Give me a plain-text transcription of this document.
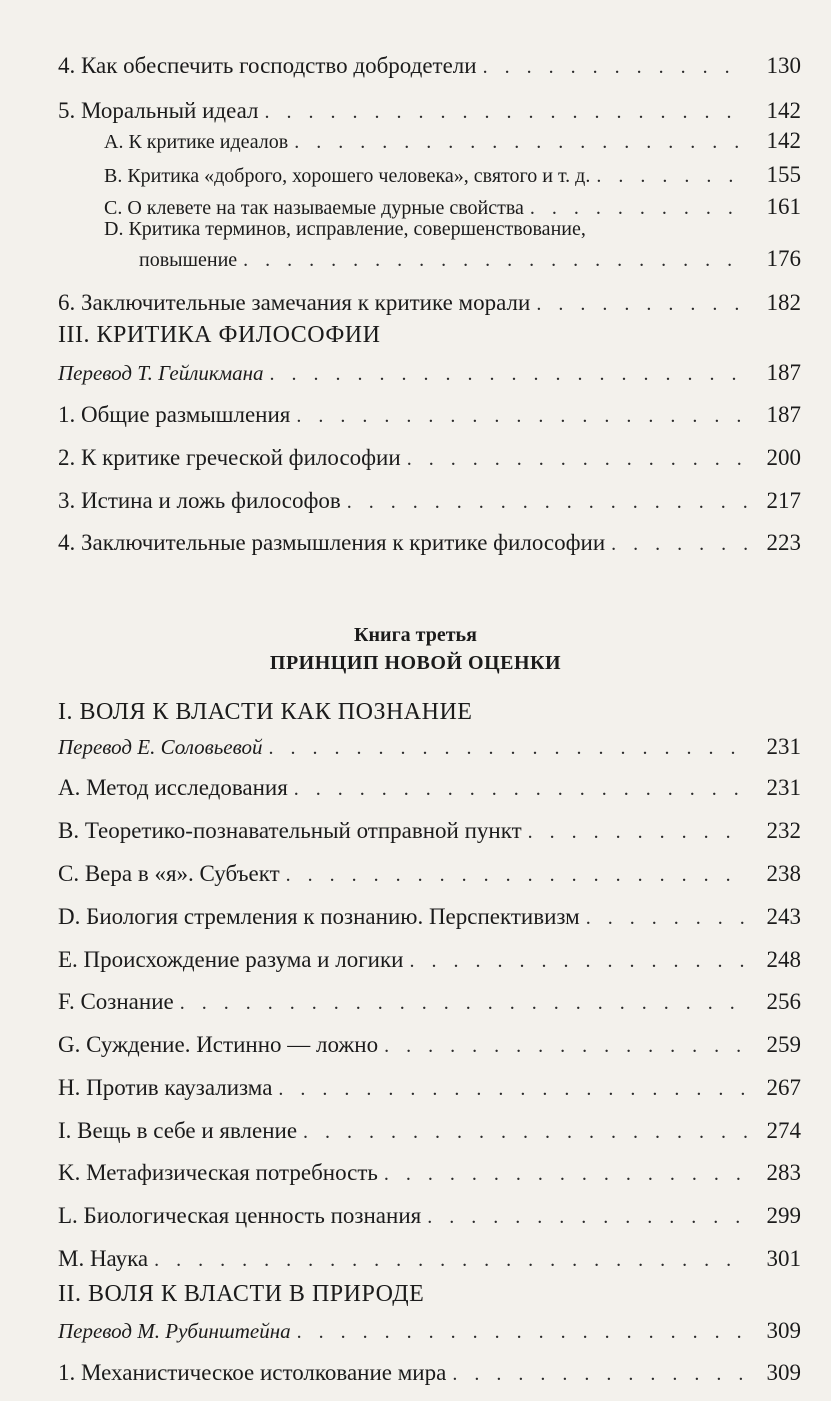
4. Как обеспечить господство добродетели . . .	130
5. Моральный идеал . . .	142
A. К критике идеалов . . .	142
B. Критика «доброго, хорошего человека», святого и т. д. . . .	155
C. О клевете на так называемые дурные свойства . . .	161
D. Критика терминов, исправление, совершенствование,
повышение . . .	176
6. Заключительные замечания к критике морали . . .	182
III. КРИТИКА ФИЛОСОФИИ
Перевод Т. Гейликмана . . .	187
1. Общие размышления . . .	187
2. К критике греческой философии . . .	200
3. Истина и ложь философов . . .	217
4. Заключительные размышления к критике философии . . .	223
Книга третья
ПРИНЦИП НОВОЙ ОЦЕНКИ
I. ВОЛЯ К ВЛАСТИ КАК ПОЗНАНИЕ
Перевод Е. Соловьевой . . .	231
A. Метод исследования . . .	231
B. Теоретико-познавательный отправной пункт . . .	232
C. Вера в «я». Субъект . . .	238
D. Биология стремления к познанию. Перспективизм . . .	243
E. Происхождение разума и логики . . .	248
F. Сознание . . .	256
G. Суждение. Истинно — ложно . . .	259
H. Против каузализма . . .	267
I. Вещь в себе и явление . . .	274
K. Метафизическая потребность . . .	283
L. Биологическая ценность познания . . .	299
M. Наука . . .	301
II. ВОЛЯ К ВЛАСТИ В ПРИРОДЕ
Перевод М. Рубинштейна . . .	309
1. Механистическое истолкование мира . . .	309
